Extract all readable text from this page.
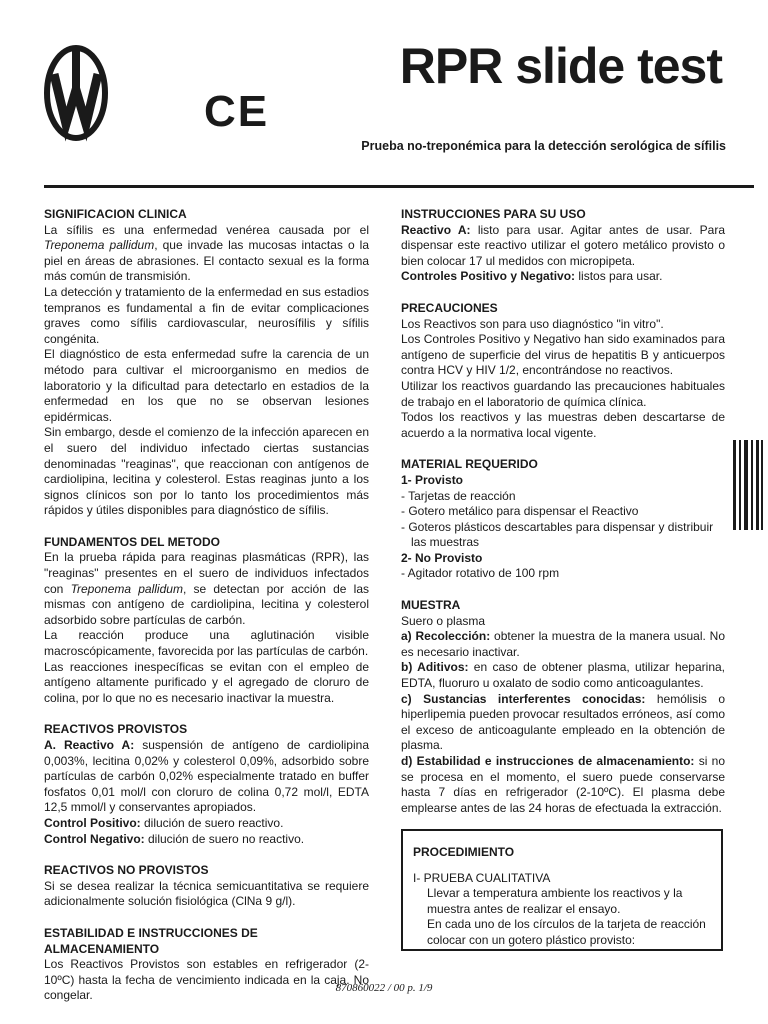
CE
RPR slide test

Prueba no-treponémica para la detección serológica de sífilis

SIGNIFICACION CLINICA

La sífilis es una enfermedad venérea causada por el Treponema pallidum, que invade las mucosas intactas o la piel en áreas de abrasiones. El contacto sexual es la forma más común de transmisión.

La detección y tratamiento de la enfermedad en sus estadios tempranos es fundamental a fin de evitar complicaciones graves como sífilis cardiovascular, neurosífilis y sífilis congénita.

El diagnóstico de esta enfermedad sufre la carencia de un método para cultivar el microorganismo en medios de laboratorio y la dificultad para detectarlo en estadios de la enfermedad en los que no se observan lesiones epidérmicas.

Sin embargo, desde el comienzo de la infección aparecen en el suero del individuo infectado ciertas sustancias denominadas "reaginas", que reaccionan con antígenos de cardiolipina, lecitina y colesterol. Estas reaginas junto a los signos clínicos son por lo tanto los procedimientos más rápidos y útiles disponibles para diagnóstico de sífilis.

FUNDAMENTOS DEL METODO

En la prueba rápida para reaginas plasmáticas (RPR), las "reaginas" presentes en el suero de individuos infectados con Treponema pallidum, se detectan por acción de las mismas con antígeno de cardiolipina, lecitina y colesterol adsorbido sobre partículas de carbón.

La reacción produce una aglutinación visible macroscópicamente, favorecida por las partículas de carbón.

Las reacciones inespecíficas se evitan con el empleo de antígeno altamente purificado y el agregado de cloruro de colina, por lo que no es necesario inactivar la muestra.

REACTIVOS PROVISTOS

A. Reactivo A: suspensión de antígeno de cardiolipina 0,003%, lecitina 0,02% y colesterol 0,09%, adsorbido sobre partículas de carbón 0,02% especialmente tratado en buffer fosfatos 0,01 mol/l con cloruro de colina 0,72 mol/l, EDTA 12,5 mmol/l y conservantes apropiados.

Control Positivo: dilución de suero reactivo.

Control Negativo: dilución de suero no reactivo.

REACTIVOS NO PROVISTOS

Si se desea realizar la técnica semicuantitativa se requiere adicionalmente solución fisiológica (ClNa 9 g/l).

ESTABILIDAD E INSTRUCCIONES DE ALMACENAMIENTO

Los Reactivos Provistos son estables en refrigerador (2-10ºC) hasta la fecha de vencimiento indicada en la caja. No congelar.

INSTRUCCIONES PARA SU USO

Reactivo A: listo para usar. Agitar antes de usar. Para dispensar este reactivo utilizar el gotero metálico provisto o bien colocar 17 ul medidos con micropipeta.

Controles Positivo y Negativo: listos para usar.

PRECAUCIONES

Los Reactivos son para uso diagnóstico "in vitro".

Los Controles Positivo y Negativo han sido examinados para antígeno de superficie del virus de hepatitis B y anticuerpos contra HCV y HIV 1/2, encontrándose no reactivos.

Utilizar los reactivos guardando las precauciones habituales de trabajo en el laboratorio de química clínica.

Todos los reactivos y las muestras deben descartarse de acuerdo a la normativa local vigente.

MATERIAL REQUERIDO

1- Provisto

- Tarjetas de reacción

- Gotero metálico para dispensar el Reactivo

- Goteros plásticos descartables para dispensar y distribuir las muestras

2- No Provisto

- Agitador rotativo de 100 rpm

MUESTRA

Suero o plasma

a) Recolección: obtener la muestra de la manera usual. No es necesario inactivar.

b) Aditivos: en caso de obtener plasma, utilizar heparina, EDTA, fluoruro u oxalato de sodio como anticoagulantes.

c) Sustancias interferentes conocidas: hemólisis o hiperlipemia pueden provocar resultados erróneos, así como el exceso de anticoagulante empleado en la obtención de plasma.

d) Estabilidad e instrucciones de almacenamiento: si no se procesa en el momento, el suero puede conservarse hasta 7 días en refrigerador (2-10ºC). El plasma debe emplearse antes de las 24 horas de efectuada la extracción.

PROCEDIMIENTO

I- PRUEBA CUALITATIVA

Llevar a temperatura ambiente los reactivos y la muestra antes de realizar el ensayo.

En cada uno de los círculos de la tarjeta de reacción colocar con un gotero plástico provisto:

870860022 / 00 p. 1/9
